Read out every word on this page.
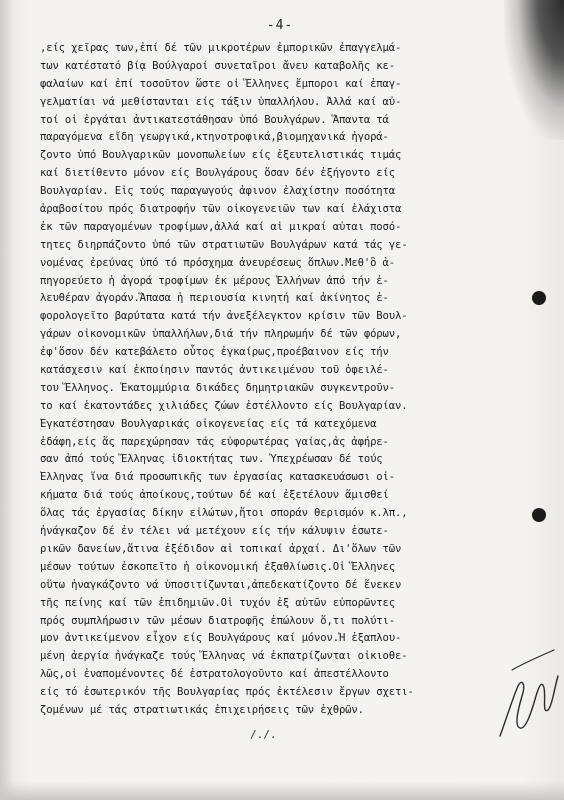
-4-
,είς χεῖρας των,ἐπί δέ τῶν μικροτέρων ἐμπορικῶν ἐπαγγελμά-
των κατέστατό βίᾳ Βούλγαροί συνεταῖροι ἄνευ καταβολῆς κε-
φαλαίων καί ἐπί τοσοῦτον ὥστε οἱ Ἕλληνες ἔμποροι καί ἐπαγ-
γελματίαι νά μεθίστανται είς τάξιν ὑπαλλήλου. Ἀλλά καί αὐ-
τοί οἱ ἐργάται ἀντικατεστάθησαν ὑπό Βουλγάρων. Ἅπαντα τά
παραγόμενα εἴδη γεωργικά,κτηνοτροφικά,βιομηχανικά ἠγορά-
ζοντο ὑπό Βουλγαρικῶν μονοπωλείων είς ἐξευτελιστικάς τιμάς
καί διετίθεντο μόνον είς Βουλγάρους ὅσαν δέν ἐξήγοντο είς
Βουλγαρίαν. Εἰς τούς παραγωγούς ἀφινον ἐλαχίστην ποσότητα
ἀραβοσίτου πρός διατροφήν τῶν οἰκογενειῶν των καί ἐλάχιστα
ἐκ τῶν παραγομένων τροφίμων,ἀλλά καί αἱ μικραί αὐται ποσό-
τητες διηρπάζοντο ὑπό τῶν στρατιωτῶν Βουλγάρων κατά τάς γε-
νομένας ἐρεύνας ὑπό τό πρόσχημα ἀνευρέσεως ὅπλων.Μεθ'ὃ ἀ-
πηγορεύετο ἡ ἀγορά τροφίμων ἐκ μέρους Ἑλλήνων ἀπό τήν ἐ-
λευθέραν ἀγοράν.Ἅπασα ἡ περιουσία κινητή καί ἀκίνητος ἐ-
φορολογεῖτο βαρύτατα κατά τήν ἀνεξέλεγκτον κρίσιν τῶν Βουλ-
γάρων οἰκονομικῶν ὑπαλλήλων,διά τήν πληρωμήν δέ τῶν φόρων,
ἐφ'ὅσον δέν κατεβάλετο οὗτος ἐγκαίρως,προέβαινον είς τήν
κατάσχεσιν καί ἐκποίησιν παντός ἀντικειμένου τοῦ ὀφειλέ-
του Ἕλληνος. Ἑκατομμύρια δικάδες δημητριακῶν συγκεντροῦν-
το καί ἑκατοντάδες χιλιάδες ζώων ἐστέλλοντο είς Βουλγαρίαν.
Ἐγκατέστησαν Βουλγαρικάς οἰκογενείας είς τά κατεχόμενα
ἐδάφη,είς ἅς παρεχώρησαν τάς εὐφορωτέρας γαίας,ἀς ἀφήρε-
σαν ἀπό τούς Ἕλληνας ἰδιοκτήτας των. Ὑπεχρέωσαν δέ τούς
Ἕλληνας ἵνα διά προσωπικῆς των ἐργασίας κατασκευάσωσι οἰ-
κήματα διά τούς ἀποίκους,τούτων δέ καί ἐξετέλουν ἅμισθεί
ὅλας τάς ἐργασίας δίκην εἱλώτων,ἤτοι σποράν θερισμόν κ.λπ.,
ἠνάγκαζον δέ ἐν τέλει νά μετέχουν είς τήν κάλυψιν ἐσωτε-
ρικῶν δανείων,ἅτινα ἐξέδιδον αἱ τοπικαί ἀρχαί. Δι'ὅλων τῶν
μέσων τούτων ἐσκοπεῖτο ἡ οἰκονομική ἐξαθλίωσις.Οἱ Ἕλληνες
οὕτω ἠναγκάζοντο νά ὑποσιτίζωνται,ἀπεδεκατίζοντο δέ ἕνεκεν
τῆς πείνης καί τῶν ἐπιδημιῶν.Οἱ τυχόν ἐξ αὐτῶν εὐπορῶντες
πρός συμπλήρωσιν τῶν μέσων διατροφῆς ἐπώλουν ὅ,τι πολύτι-
μον ἀντικείμενον εἶχον είς Βουλγάρους καί μόνον.Ἡ ἐξαπλου-
μένη ἀεργία ἠνάγκαζε τούς Ἕλληνας νά ἐκπατρίζωνται οἰκιοθε-
λῶς,οἱ ἐναπομένοντες δέ ἐστρατολογοῦντο καί ἀπεστέλλοντο
είς τό ἐσωτερικόν τῆς Βουλγαρίας πρός ἐκτέλεσιν ἔργων σχετι-
ζομένων μέ τάς στρατιωτικάς ἐπιχειρήσεις τῶν ἐχθρῶν.
/./.
